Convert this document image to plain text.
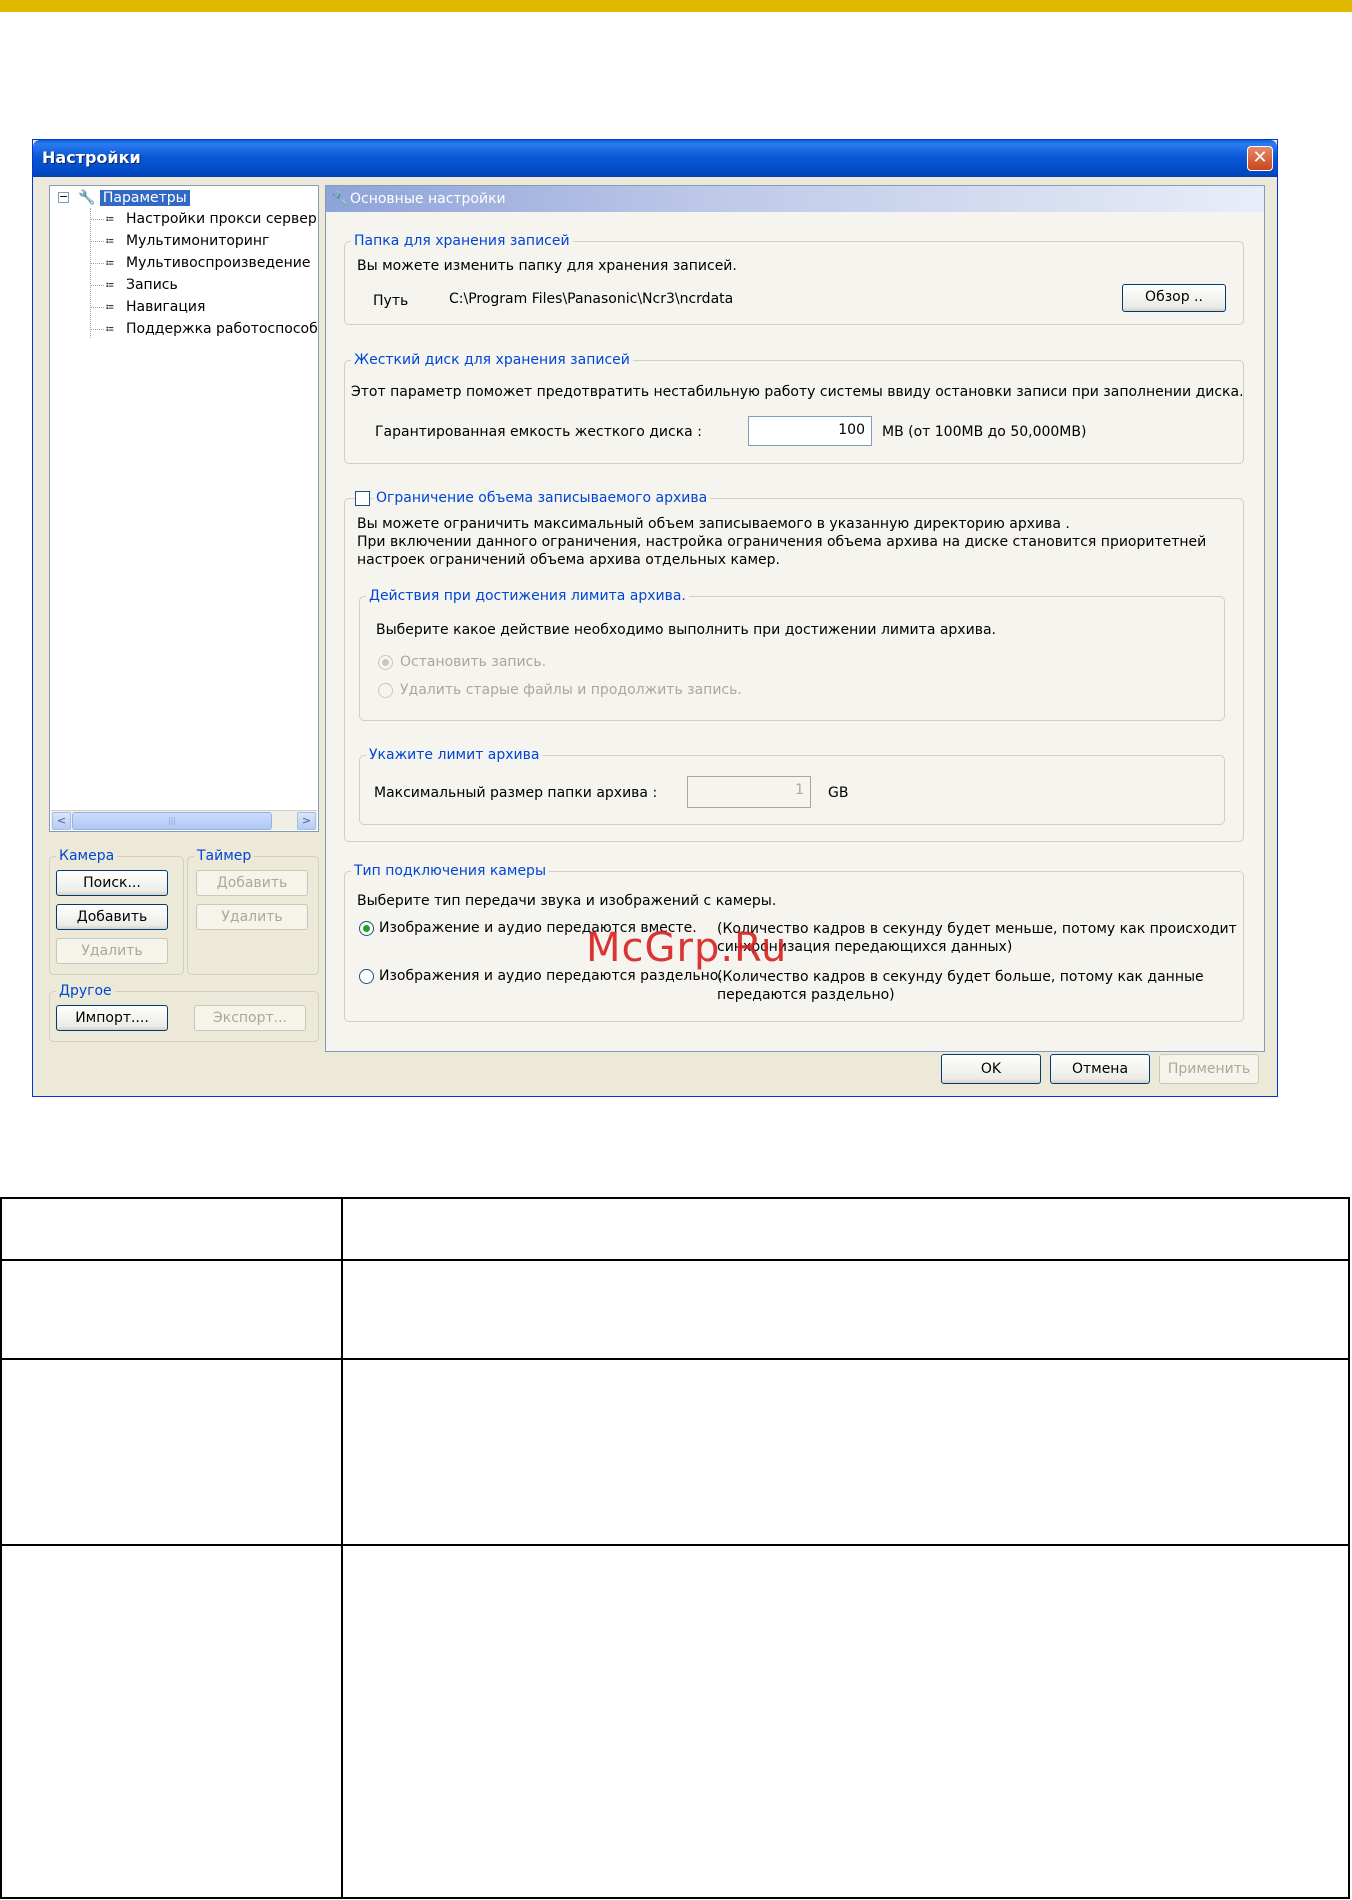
Настройки	✕
− 🔧 Параметры
≔ Настройки прокси сервер
≔ Мультимониторинг
≔ Мультивоспроизведение
≔ Запись
≔ Навигация
≔ Поддержка работоспособ
<	|||	>
Камера
Поиск...
Добавить
Удалить
Таймер
Добавить
Удалить
Другое
Импорт....	Экспорт...
🔧 Основные настройки
Папка для хранения записей
Вы можете изменить папку для хранения записей.
Путь	C:\Program Files\Panasonic\Ncr3\ncrdata	Обзор ..
Жесткий диск для хранения записей
Этот параметр поможет предотвратить нестабильную работу системы ввиду остановки записи при заполнении диска.
Гарантированная емкость жесткого диска :	100	MB (от 100MB до 50,000MB)
Ограничение объема записываемого архива
Вы можете ограничить максимальный объем записываемого в указанную директорию архива .
При включении данного ограничения, настройка ограничения объема архива на диске становится приоритетней
настроек ограничений объема архива отдельных камер.
Действия при достижения лимита архива.
Выберите какое действие необходимо выполнить при достижении лимита архива.
Остановить запись.
Удалить старые файлы и продолжить запись.
Укажите лимит архива
Максимальный размер папки архива :	1	GB
Тип подключения камеры
Выберите тип передачи звука и изображений с камеры.
Изображение и аудио передаются вместе. (Количество кадров в секунду будет меньше, потому как происходит
синхронизация передающихся данных)
Изображения и аудио передаются раздельно.
(Количество кадров в секунду будет больше, потому как данные
передаются раздельно)
OK	Отмена	Применить
McGrp.Ru
